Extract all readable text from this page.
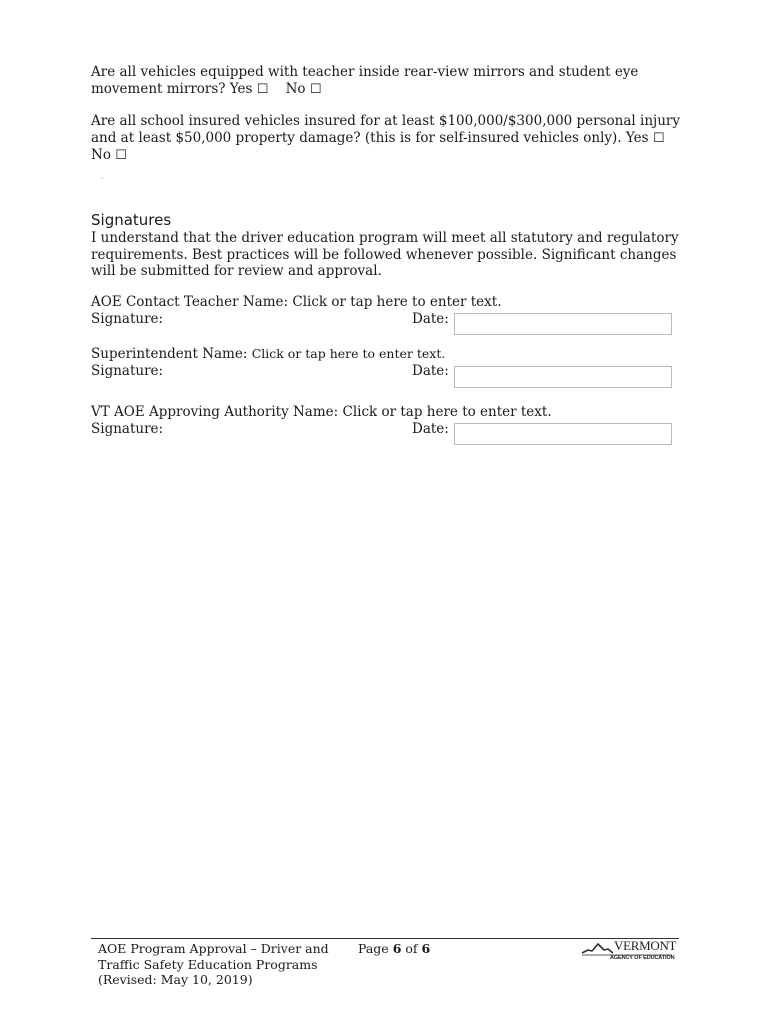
Are all vehicles equipped with teacher inside rear-view mirrors and student eye movement mirrors? Yes ☐ No ☐
Are all school insured vehicles insured for at least $100,000/$300,000 personal injury and at least $50,000 property damage? (this is for self-insured vehicles only). Yes ☐ No ☐
Signatures
I understand that the driver education program will meet all statutory and regulatory requirements. Best practices will be followed whenever possible. Significant changes will be submitted for review and approval.
AOE Contact Teacher Name: Click or tap here to enter text.
Signature:	Date:
Superintendent Name: Click or tap here to enter text.
Signature:	Date:
VT AOE Approving Authority Name: Click or tap here to enter text.
Signature:	Date:
AOE Program Approval – Driver and
Traffic Safety Education Programs
(Revised: May 10, 2019)
Page 6 of 6	VERMONT
AGENCY OF EDUCATION
